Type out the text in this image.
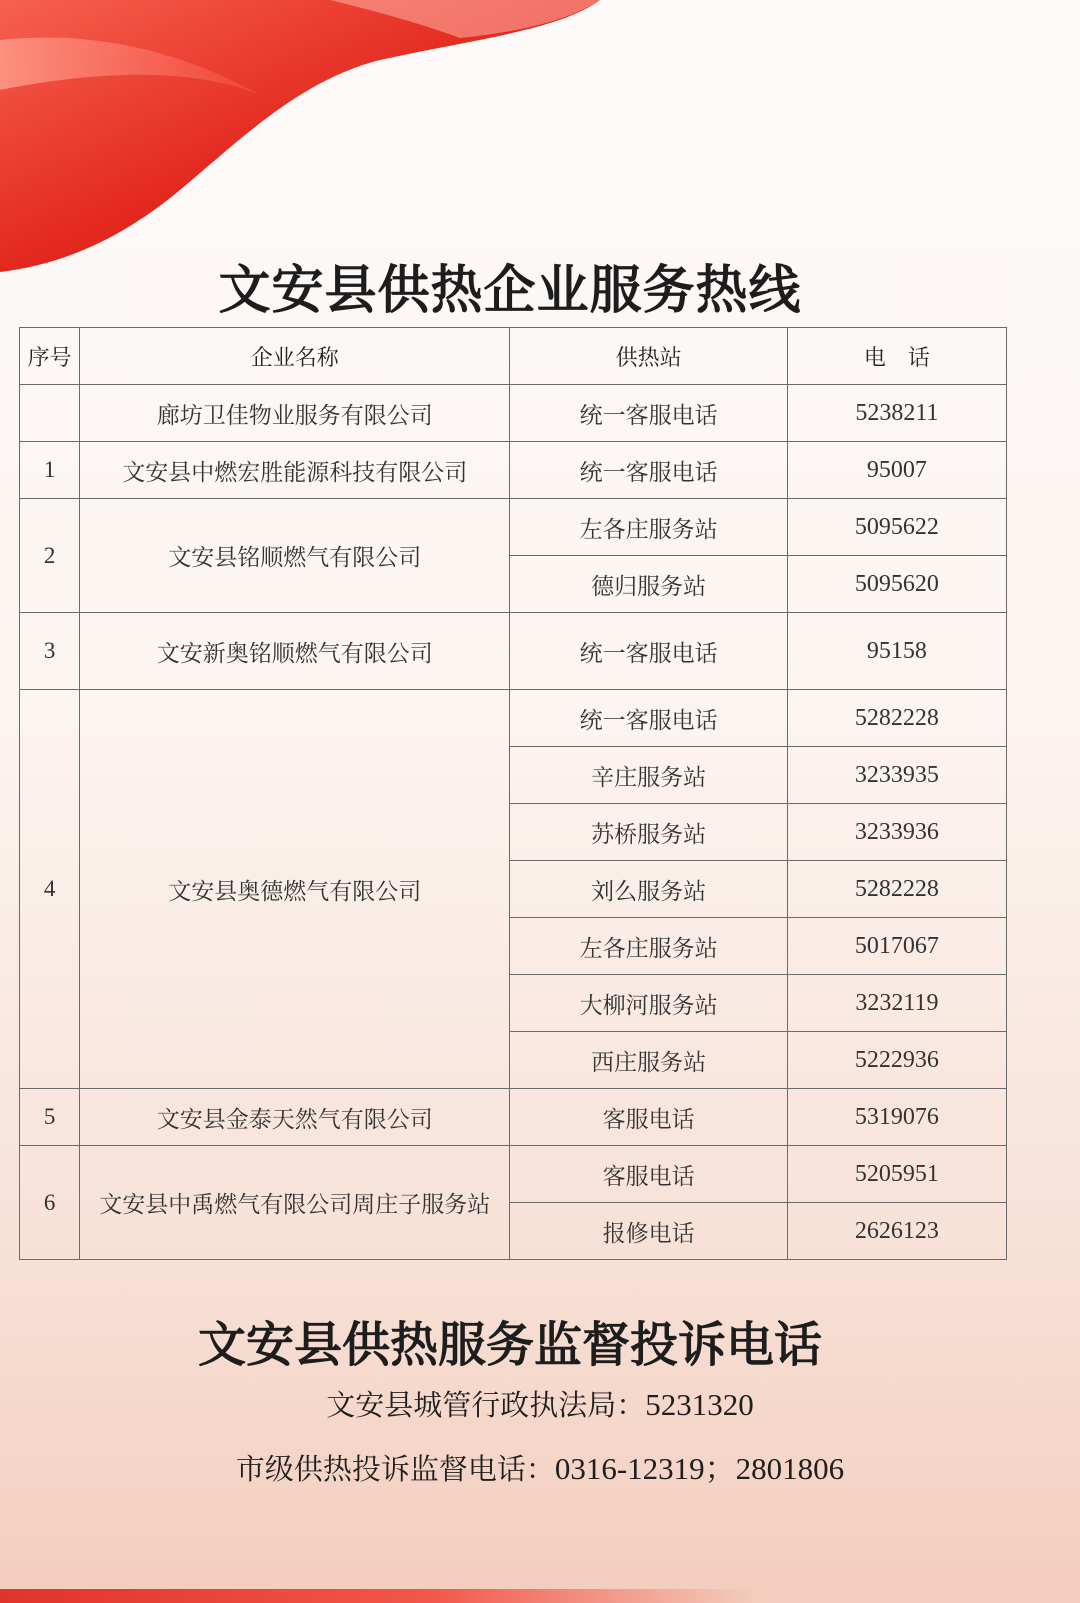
文安县供热企业服务热线
序号	企业名称	供热站	电　话
	廊坊卫佳物业服务有限公司	统一客服电话	5238211
1	文安县中燃宏胜能源科技有限公司	统一客服电话	95007
2	文安县铭顺燃气有限公司	左各庄服务站	5095622
		德归服务站	5095620
3	文安新奥铭顺燃气有限公司	统一客服电话	95158
4	文安县奥德燃气有限公司	统一客服电话	5282228
		辛庄服务站	3233935
		苏桥服务站	3233936
		刘么服务站	5282228
		左各庄服务站	5017067
		大柳河服务站	3232119
		西庄服务站	5222936
5	文安县金泰天然气有限公司	客服电话	5319076
6	文安县中禹燃气有限公司周庄子服务站	客服电话	5205951
		报修电话	2626123
文安县供热服务监督投诉电话

文安县城管行政执法局：5231320

市级供热投诉监督电话：0316-12319；2801806
